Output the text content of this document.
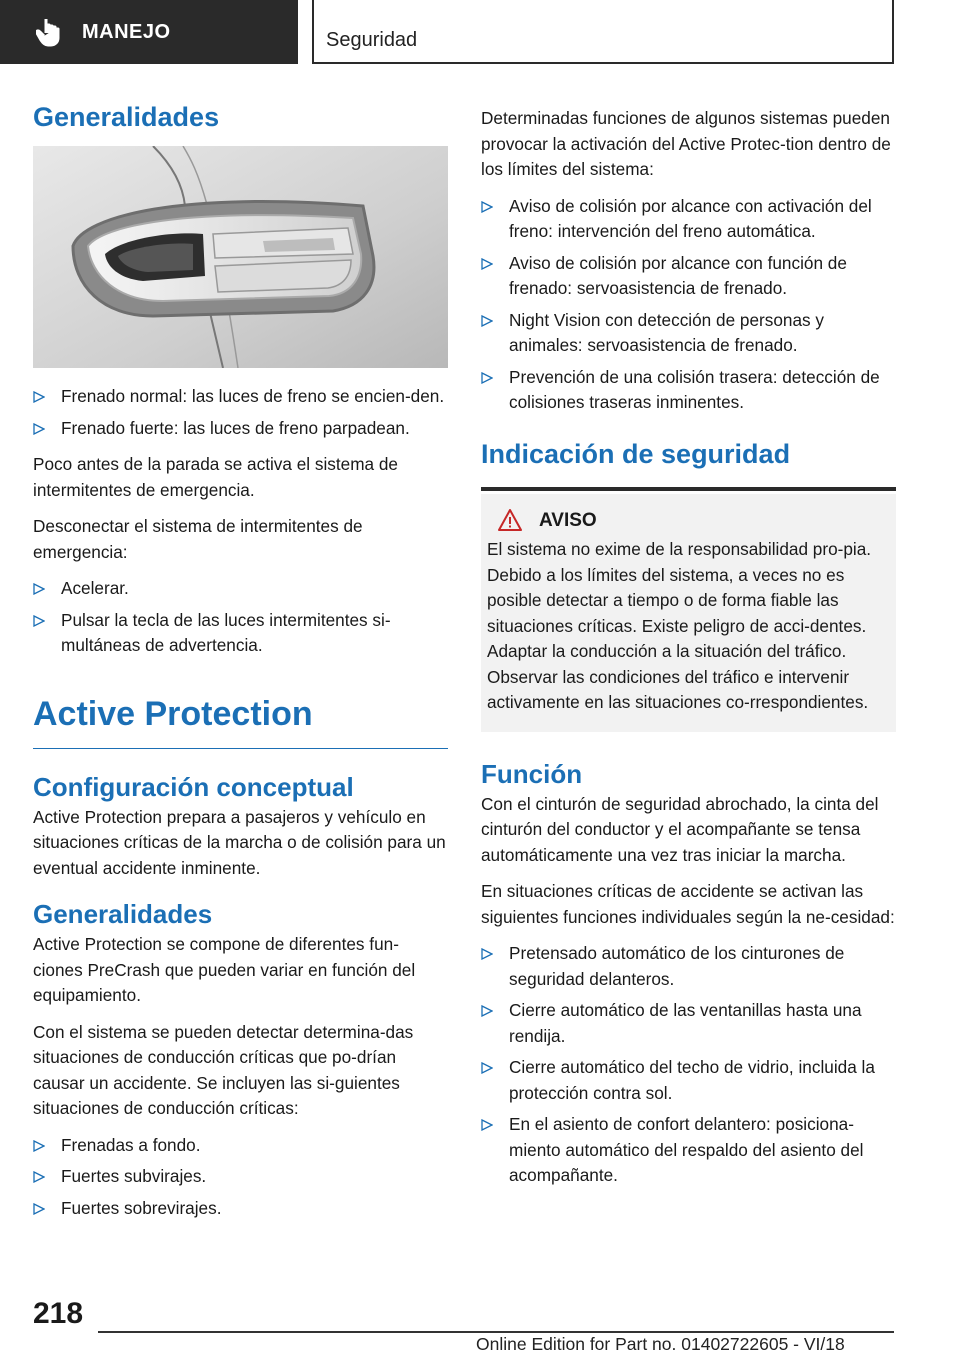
MANEJO	Seguridad
Generalidades
Frenado normal: las luces de freno se encien‐den.
Frenado fuerte: las luces de freno parpadean.

Poco antes de la parada se activa el sistema de intermitentes de emergencia.

Desconectar el sistema de intermitentes de emergencia:

Acelerar.
Pulsar la tecla de las luces intermitentes si‐multáneas de advertencia.
Active Protection
Configuración conceptual

Active Protection prepara a pasajeros y vehículo en situaciones críticas de la marcha o de colisión para un eventual accidente inminente.

Generalidades

Active Protection se compone de diferentes fun‐ciones PreCrash que pueden variar en función del equipamiento.

Con el sistema se pueden detectar determina‐das situaciones de conducción críticas que po‐drían causar un accidente. Se incluyen las si‐guientes situaciones de conducción críticas:

Frenadas a fondo.
Fuertes subvirajes.
Fuertes sobrevirajes.

Determinadas funciones de algunos sistemas pueden provocar la activación del Active Protec‐tion dentro de los límites del sistema:

Aviso de colisión por alcance con activación del freno: intervención del freno automática.
Aviso de colisión por alcance con función de frenado: servoasistencia de frenado.
Night Vision con detección de personas y animales: servoasistencia de frenado.
Prevención de una colisión trasera: detección de colisiones traseras inminentes.
Indicación de seguridad
AVISO

El sistema no exime de la responsabilidad pro‐pia. Debido a los límites del sistema, a veces no es posible detectar a tiempo o de forma fiable las situaciones críticas. Existe peligro de acci‐dentes. Adaptar la conducción a la situación del tráfico. Observar las condiciones del tráfico e intervenir activamente en las situaciones co‐rrespondientes.

Función

Con el cinturón de seguridad abrochado, la cinta del cinturón del conductor y el acompañante se tensa automáticamente una vez tras iniciar la marcha.

En situaciones críticas de accidente se activan las siguientes funciones individuales según la ne‐cesidad:

Pretensado automático de los cinturones de seguridad delanteros.
Cierre automático de las ventanillas hasta una rendija.
Cierre automático del techo de vidrio, incluida la protección contra sol.
En el asiento de confort delantero: posiciona‐miento automático del respaldo del asiento del acompañante.
218
Online Edition for Part no. 01402722605 - VI/18
